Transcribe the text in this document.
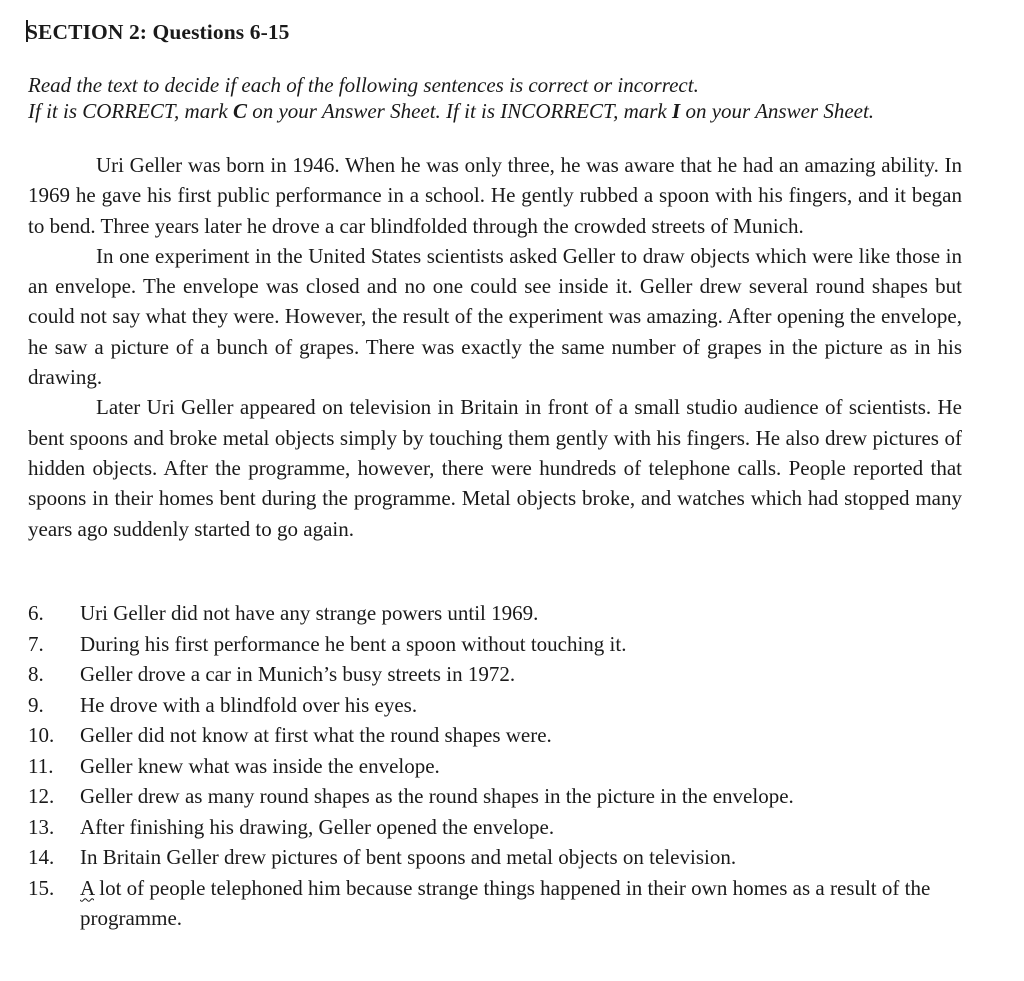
SECTION 2: Questions 6-15
Read the text to decide if each of the following sentences is correct or incorrect.
If it is CORRECT, mark C on your Answer Sheet. If it is INCORRECT, mark I on your Answer Sheet.

Uri Geller was born in 1946. When he was only three, he was aware that he had an amazing ability. In 1969 he gave his first public performance in a school. He gently rubbed a spoon with his fingers, and it began to bend. Three years later he drove a car blindfolded through the crowded streets of Munich.

In one experiment in the United States scientists asked Geller to draw objects which were like those in an envelope. The envelope was closed and no one could see inside it. Geller drew several round shapes but could not say what they were. However, the result of the experiment was amazing. After opening the envelope, he saw a picture of a bunch of grapes. There was exactly the same number of grapes in the picture as in his drawing.

Later Uri Geller appeared on television in Britain in front of a small studio audience of scientists. He bent spoons and broke metal objects simply by touching them gently with his fingers. He also drew pictures of hidden objects. After the programme, however, there were hundreds of telephone calls. People reported that spoons in their homes bent during the programme. Metal objects broke, and watches which had stopped many years ago suddenly started to go again.

6.	Uri Geller did not have any strange powers until 1969.
7.	During his first performance he bent a spoon without touching it.
8.	Geller drove a car in Munich’s busy streets in 1972.
9.	He drove with a blindfold over his eyes.
10.	Geller did not know at first what the round shapes were.
11.	Geller knew what was inside the envelope.
12.	Geller drew as many round shapes as the round shapes in the picture in the envelope.
13.	After finishing his drawing, Geller opened the envelope.
14.	In Britain Geller drew pictures of bent spoons and metal objects on television.
15.	A lot of people telephoned him because strange things happened in their own homes as a result of the programme.
